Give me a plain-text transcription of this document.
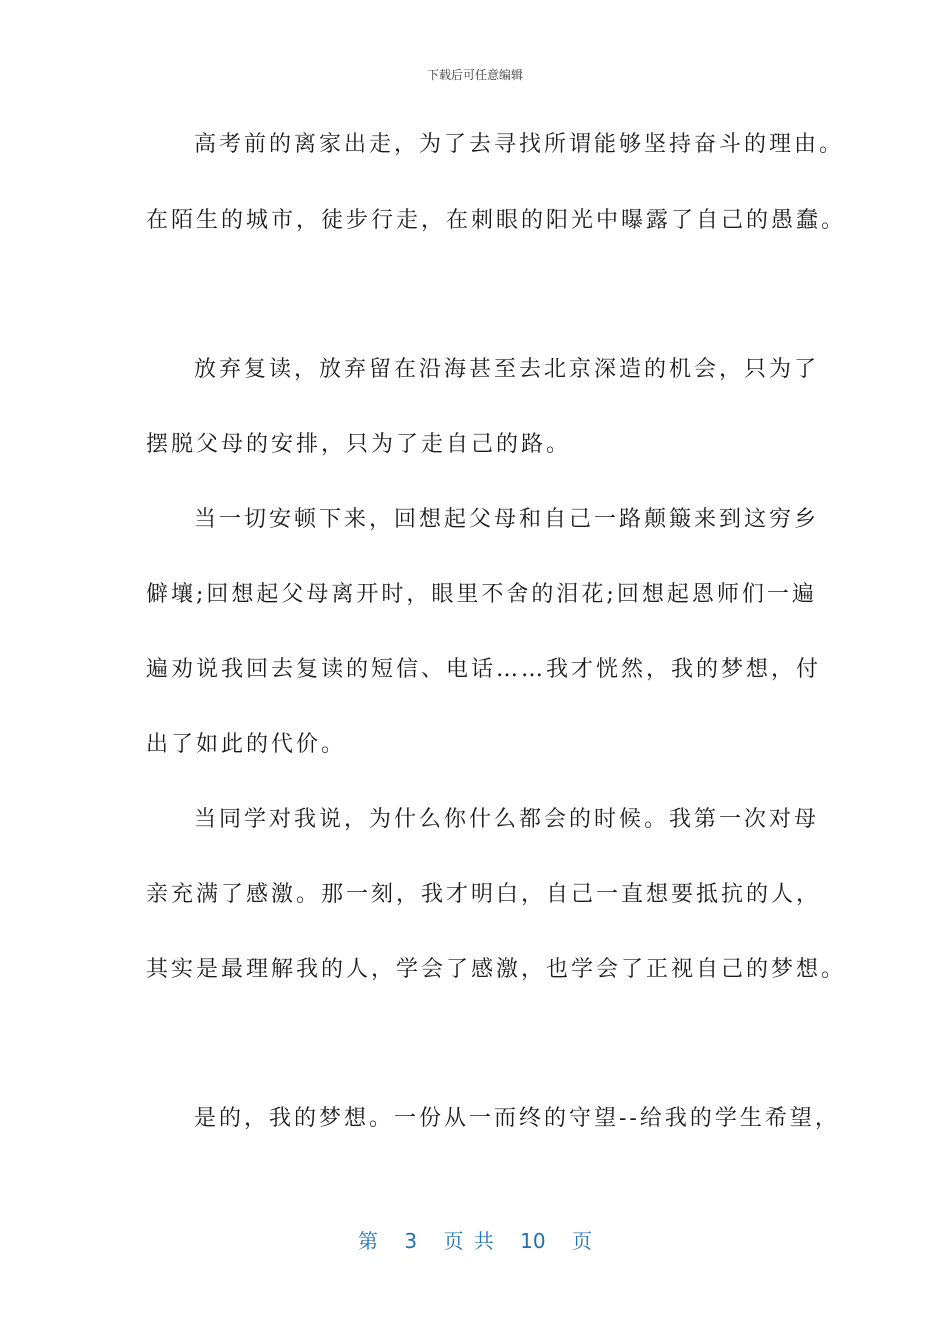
下载后可任意编辑
高考前的离家出走，为了去寻找所谓能够坚持奋斗的理由。
在陌生的城市，徒步行走，在刺眼的阳光中曝露了自己的愚蠢。
放弃复读，放弃留在沿海甚至去北京深造的机会，只为了
摆脱父母的安排，只为了走自己的路。
当一切安顿下来，回想起父母和自己一路颠簸来到这穷乡
僻壤;回想起父母离开时，眼里不舍的泪花;回想起恩师们一遍
遍劝说我回去复读的短信、电话……我才恍然，我的梦想，付
出了如此的代价。
当同学对我说，为什么你什么都会的时候。我第一次对母
亲充满了感激。那一刻，我才明白，自己一直想要抵抗的人，
其实是最理解我的人，学会了感激，也学会了正视自己的梦想。
是的，我的梦想。一份从一而终的守望--给我的学生希望，
第 3 页 共 10 页
